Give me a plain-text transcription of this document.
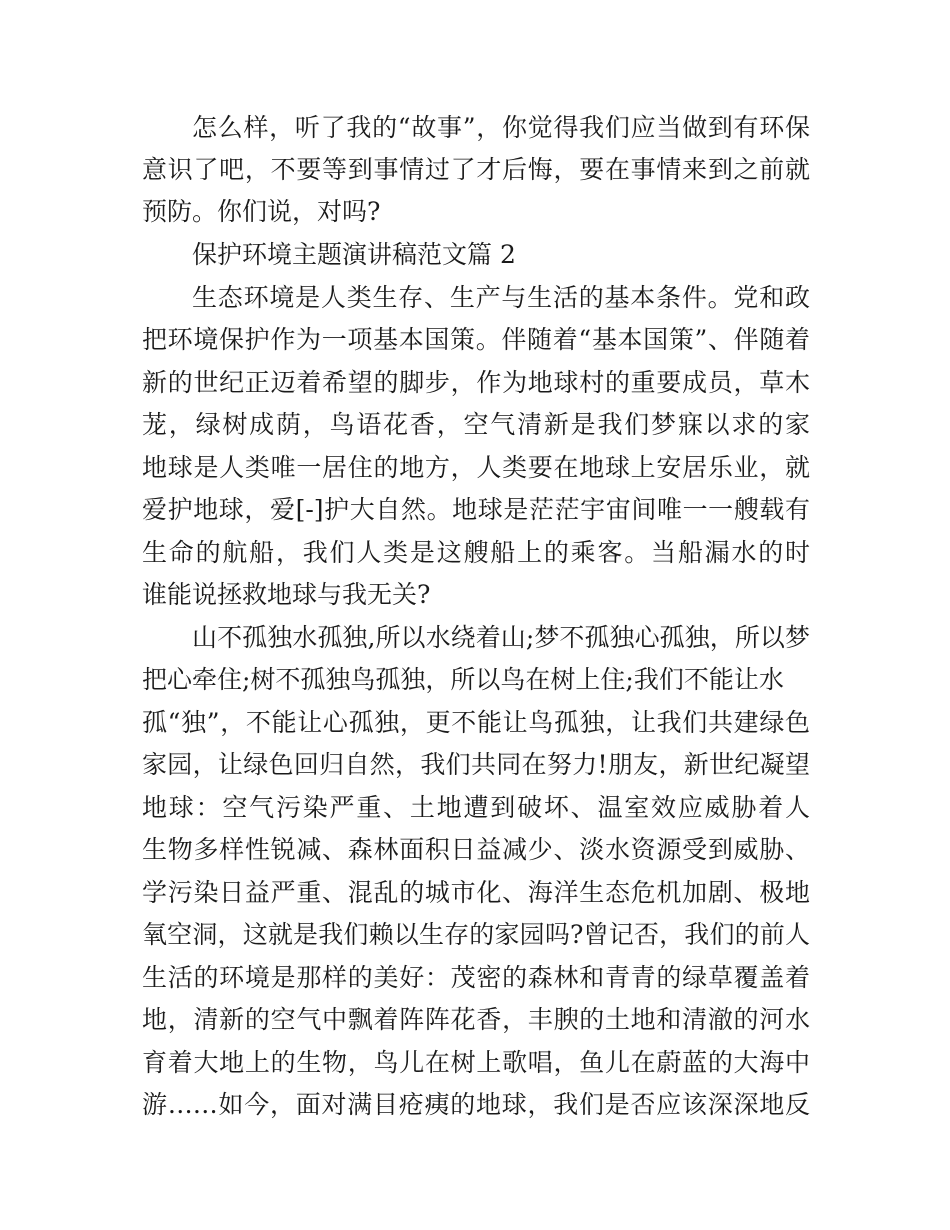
怎么样，听了我的“故事”，你觉得我们应当做到有环保

意识了吧，不要等到事情过了才后悔，要在事情来到之前就

预防。你们说，对吗?

保护环境主题演讲稿范文篇 2

生态环境是人类生存、生产与生活的基本条件。党和政

把环境保护作为一项基本国策。伴随着“基本国策”、伴随着

新的世纪正迈着希望的脚步，作为地球村的重要成员，草木

茏，绿树成荫，鸟语花香，空气清新是我们梦寐以求的家

地球是人类唯一居住的地方，人类要在地球上安居乐业，就

爱护地球，爱[-]护大自然。地球是茫茫宇宙间唯一一艘载有

生命的航船，我们人类是这艘船上的乘客。当船漏水的时

谁能说拯救地球与我无关?

山不孤独水孤独,所以水绕着山;梦不孤独心孤独，所以梦

把心牵住;树不孤独鸟孤独，所以鸟在树上住;我们不能让水

孤“独”，不能让心孤独，更不能让鸟孤独，让我们共建绿色

家园，让绿色回归自然，我们共同在努力!朋友，新世纪凝望

地球：空气污染严重、土地遭到破坏、温室效应威胁着人

生物多样性锐减、森林面积日益减少、淡水资源受到威胁、

学污染日益严重、混乱的城市化、海洋生态危机加剧、极地

氧空洞，这就是我们赖以生存的家园吗?曾记否，我们的前人

生活的环境是那样的美好：茂密的森林和青青的绿草覆盖着

地，清新的空气中飘着阵阵花香，丰腴的土地和清澈的河水

育着大地上的生物，鸟儿在树上歌唱，鱼儿在蔚蓝的大海中

游……如今，面对满目疮痍的地球，我们是否应该深深地反
